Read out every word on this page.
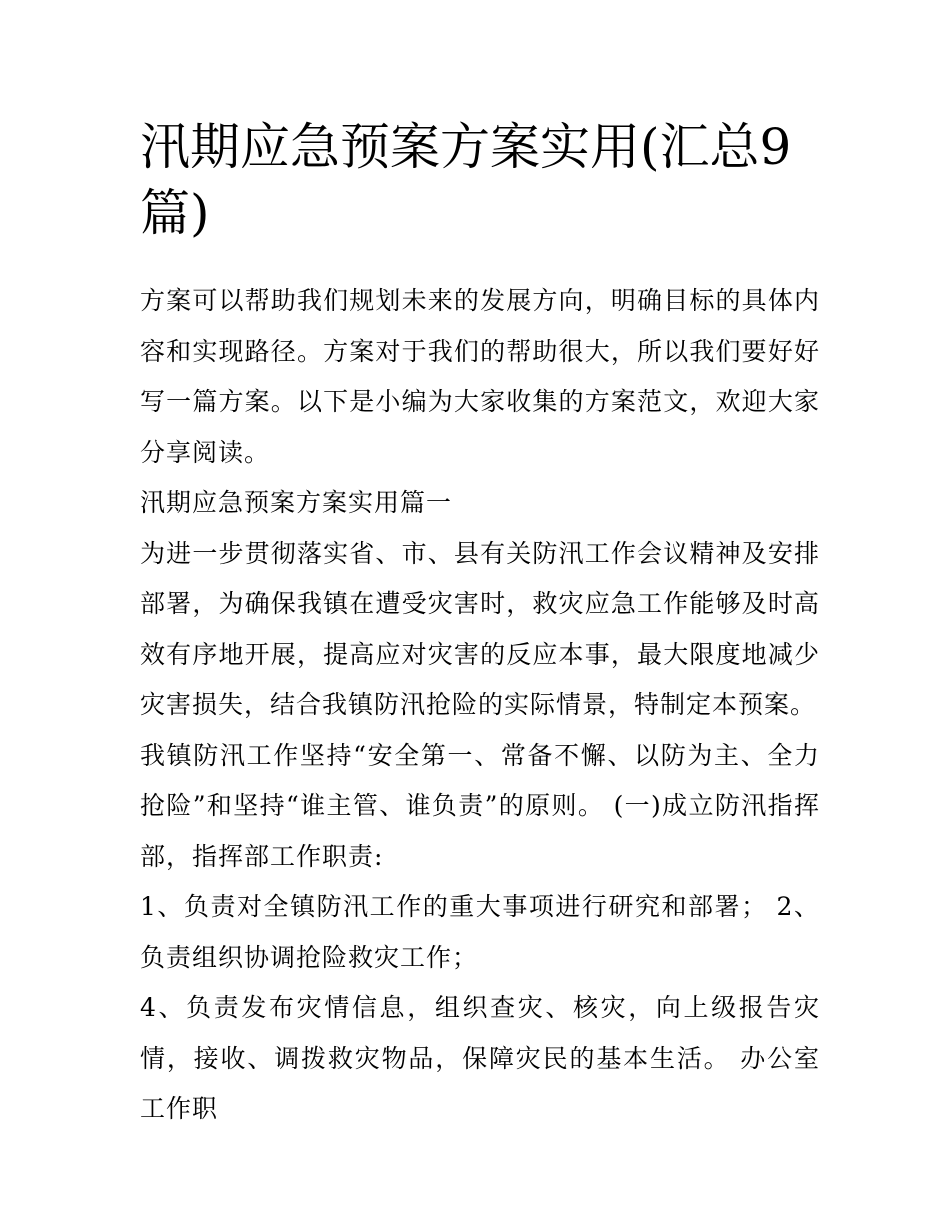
汛期应急预案方案实用(汇总9篇)

方案可以帮助我们规划未来的发展方向，明确目标的具体内容和实现路径。方案对于我们的帮助很大，所以我们要好好写一篇方案。以下是小编为大家收集的方案范文，欢迎大家分享阅读。

汛期应急预案方案实用篇一

为进一步贯彻落实省、市、县有关防汛工作会议精神及安排部署，为确保我镇在遭受灾害时，救灾应急工作能够及时高效有序地开展，提高应对灾害的反应本事，最大限度地减少灾害损失，结合我镇防汛抢险的实际情景，特制定本预案。

我镇防汛工作坚持“安全第一、常备不懈、以防为主、全力抢险”和坚持“谁主管、谁负责”的原则。 (一)成立防汛指挥部，指挥部工作职责:

1、负责对全镇防汛工作的重大事项进行研究和部署； 2、负责组织协调抢险救灾工作；

4、负责发布灾情信息，组织查灾、核灾，向上级报告灾情，接收、调拨救灾物品，保障灾民的基本生活。 办公室工作职
